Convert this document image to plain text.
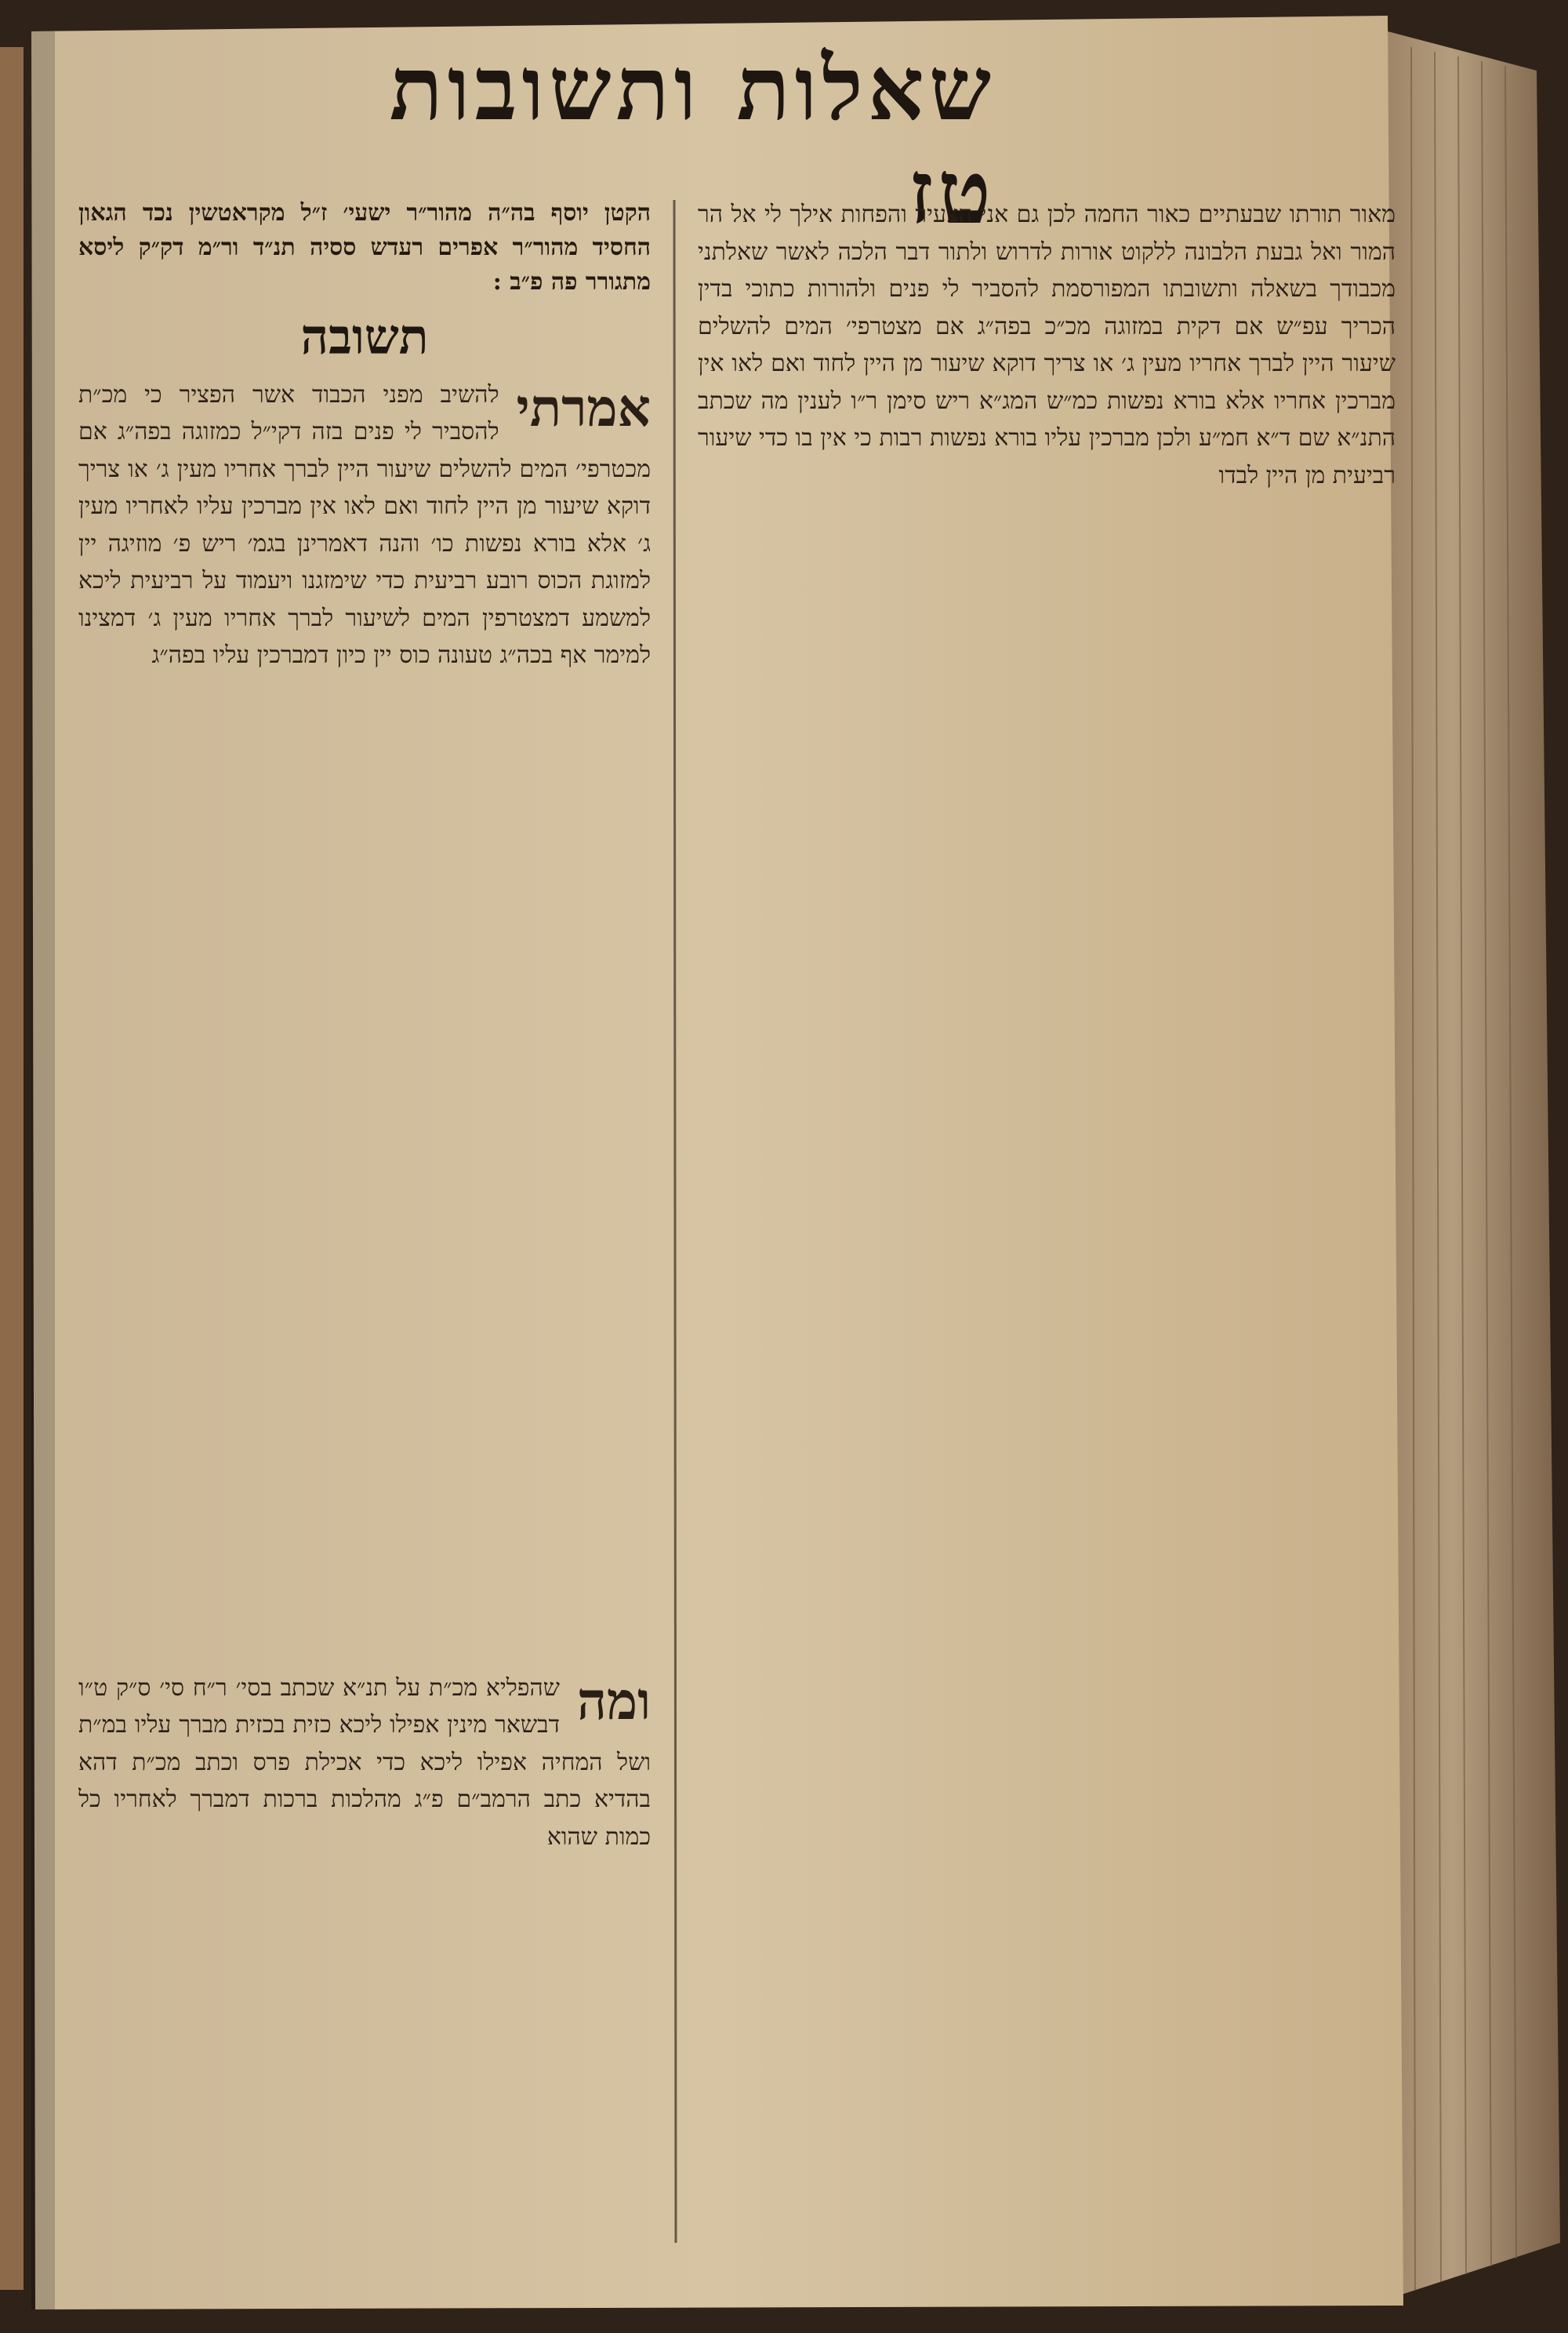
שאלות ותשובות טז

מאור תורתו שבעתיים כאור החמה לכן גם אני הצעיר והפחות אילך לי אל הר המור ואל גבעת הלבונה ללקוט אורות לדרוש ולתור דבר הלכה לאשר שאלתני מכבודך בשאלה ותשובתו המפורסמת להסביר לי פנים ולהורות כתוכי בדין הכריך עפ״ש אם דקית במזוגה מכ״כ בפה״ג אם מצטרפי׳ המים להשלים שיעור היין לברך אחריו מעין ג׳ או צריך דוקא שיעור מן היין לחוד ואם לאו אין מברכין אחריו אלא בורא נפשות כמ״ש המג״א ריש סימן ר״ו לענין מה שכתב התנ״א שם ד״א חמ״ע ולכן מברכין עליו בורא נפשות רבות כי אין בו כדי שיעור רביעית מן היין לבדו

הקטן יוסף בה״ה מהור״ר ישעי׳ ז״ל מקראטשין נכד הגאון החסיד מהור״ר אפרים רעדש ססיה תנ״ד ור״מ דק״ק ליסא מתגורר פה פ״ב :

תשובה
אמרתי

להשיב מפני הכבוד אשר הפציר כי מכ״ת להסביר לי פנים בזה דקי״ל כמזוגה בפה״ג אם מכטרפי׳ המים להשלים שיעור היין לברך אחריו מעין ג׳ או צריך דוקא שיעור מן היין לחוד ואם לאו אין מברכין עליו לאחריו מעין ג׳ אלא בורא נפשות כו׳ והנה דאמרינן בגמ׳ ריש פ׳ מוזיגה יין למזוגת הכוס רובע רביעית כדי שימזגנו ויעמוד על רביעית ליכא למשמע דמצטרפין המים לשיעור לברך אחריו מעין ג׳ דמצינו למימר אף בכה״ג טעונה כוס יין כיון דמברכין עליו בפה״ג

ומה

שהפליא מכ״ת על תנ״א שכתב בסי׳ ר״ח סי׳ ס״ק ט״ו דבשאר מינין אפילו ליכא כזית בכזית מברך עליו במ״ת ושל המחיה אפילו ליכא כדי אכילת פרס וכתב מכ״ת דהא בהדיא כתב הרמב״ם פ״ג מהלכות ברכות דמברך לאחריו כל כמות שהוא
